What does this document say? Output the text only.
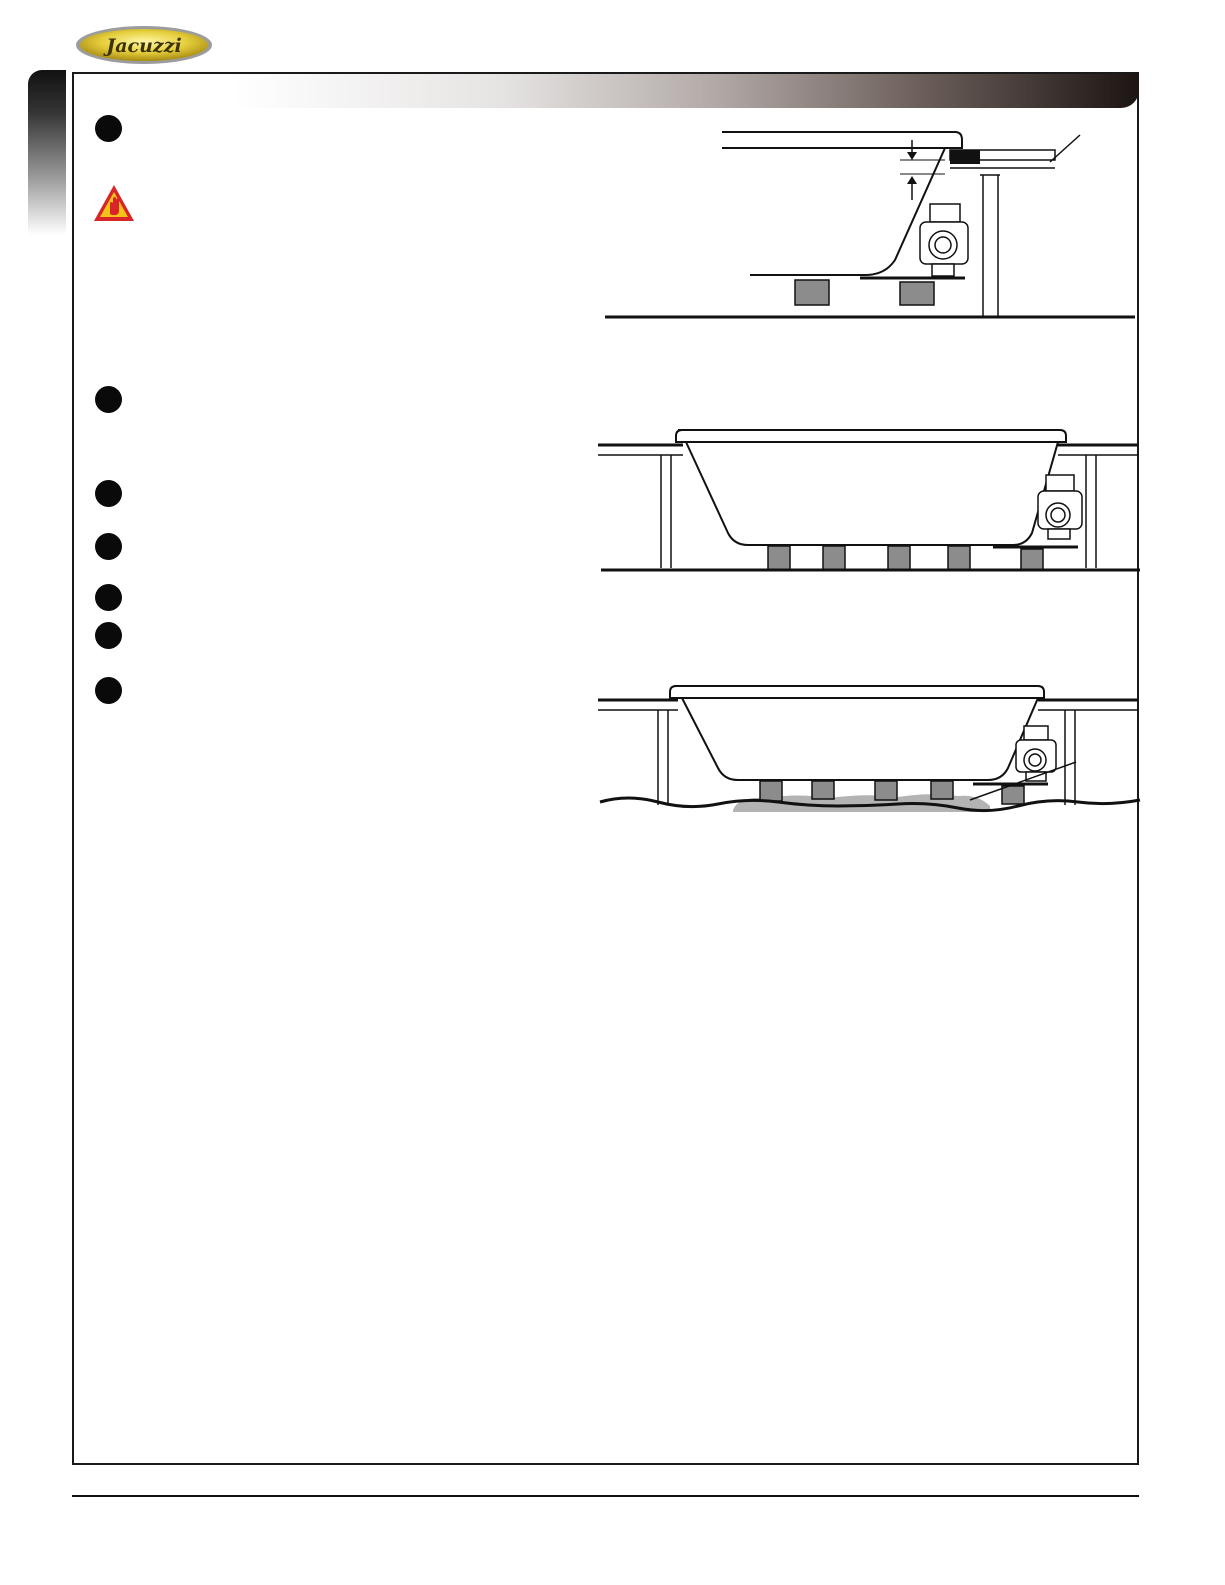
Jacuzzi
